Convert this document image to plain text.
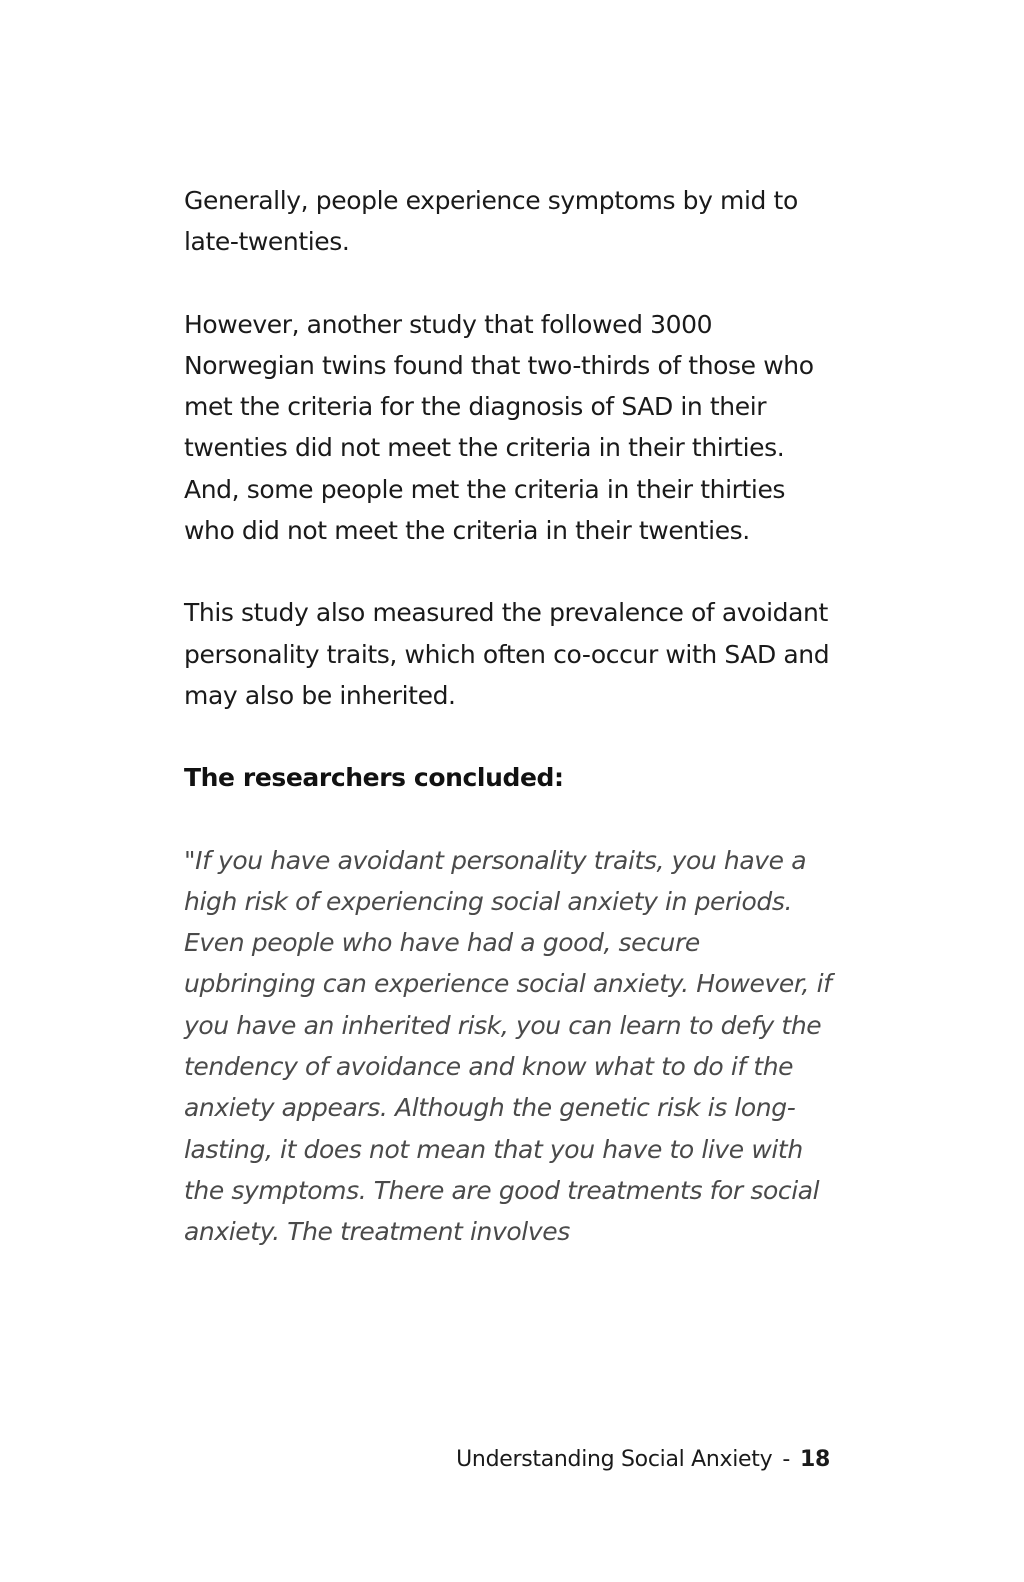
Generally, people experience symptoms by mid to late-twenties.

However, another study that followed 3000 Norwegian twins found that two-thirds of those who met the criteria for the diagnosis of SAD in their twenties did not meet the criteria in their thirties. And, some people met the criteria in their thirties who did not meet the criteria in their twenties.

This study also measured the prevalence of avoidant personality traits, which often co-occur with SAD and may also be inherited.

The researchers concluded:

"If you have avoidant personality traits, you have a high risk of experiencing social anxiety in periods. Even people who have had a good, secure upbringing can experience social anxiety. However, if you have an inherited risk, you can learn to defy the tendency of avoidance and know what to do if the anxiety appears. Although the genetic risk is long-lasting, it does not mean that you have to live with the symptoms. There are good treatments for social anxiety. The treatment involves

Understanding Social Anxiety - 18
